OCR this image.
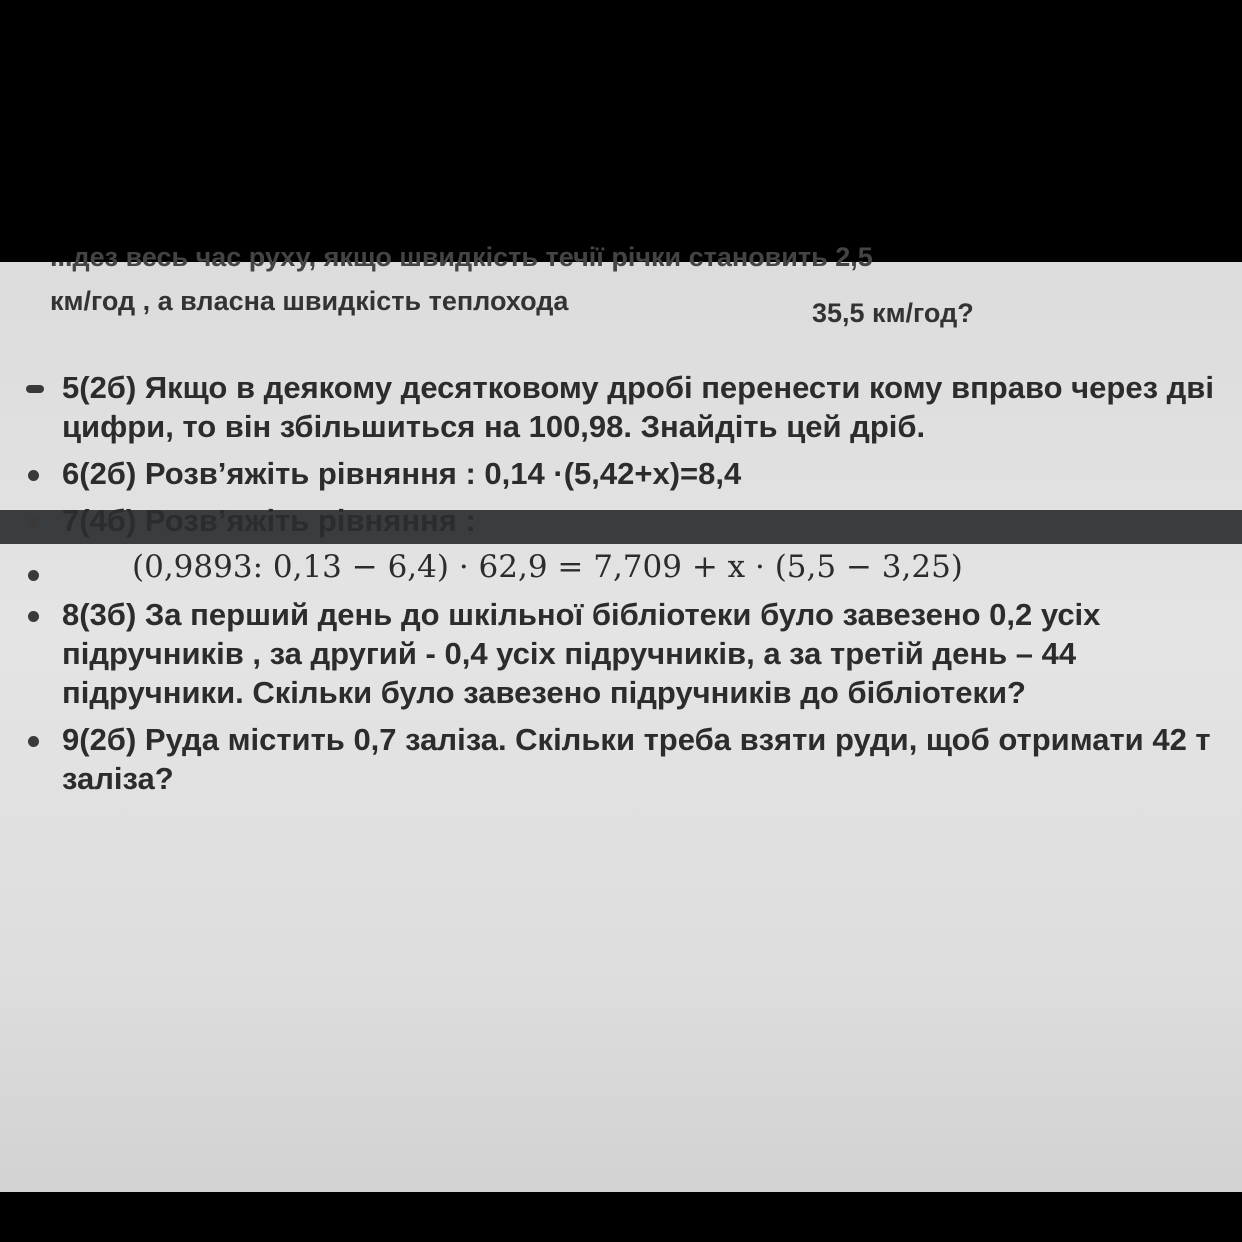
...дез весь час руху, якщо швидкість течії річки становить 2,5
км/год , а власна швидкість теплохода	35,5 км/год?
5(2б) Якщо в деякому десятковому дробі перенести кому вправо через дві цифри, то він збільшиться на 100,98. Знайдіть цей дріб.
6(2б) Розв’яжіть рівняння : 0,14 ·(5,42+х)=8,4
7(4б) Розв’яжіть рівняння :
(0,9893: 0,13 − 6,4) · 62,9 = 7,709 + x · (5,5 − 3,25)
8(3б) За перший день до шкільної бібліотеки було завезено 0,2 усіх підручників , за другий - 0,4 усіх підручників, а за третій день – 44 підручники. Скільки було завезено підручників до бібліотеки?
9(2б) Руда містить 0,7 заліза. Скільки треба взяти руди, щоб отримати 42 т заліза?
